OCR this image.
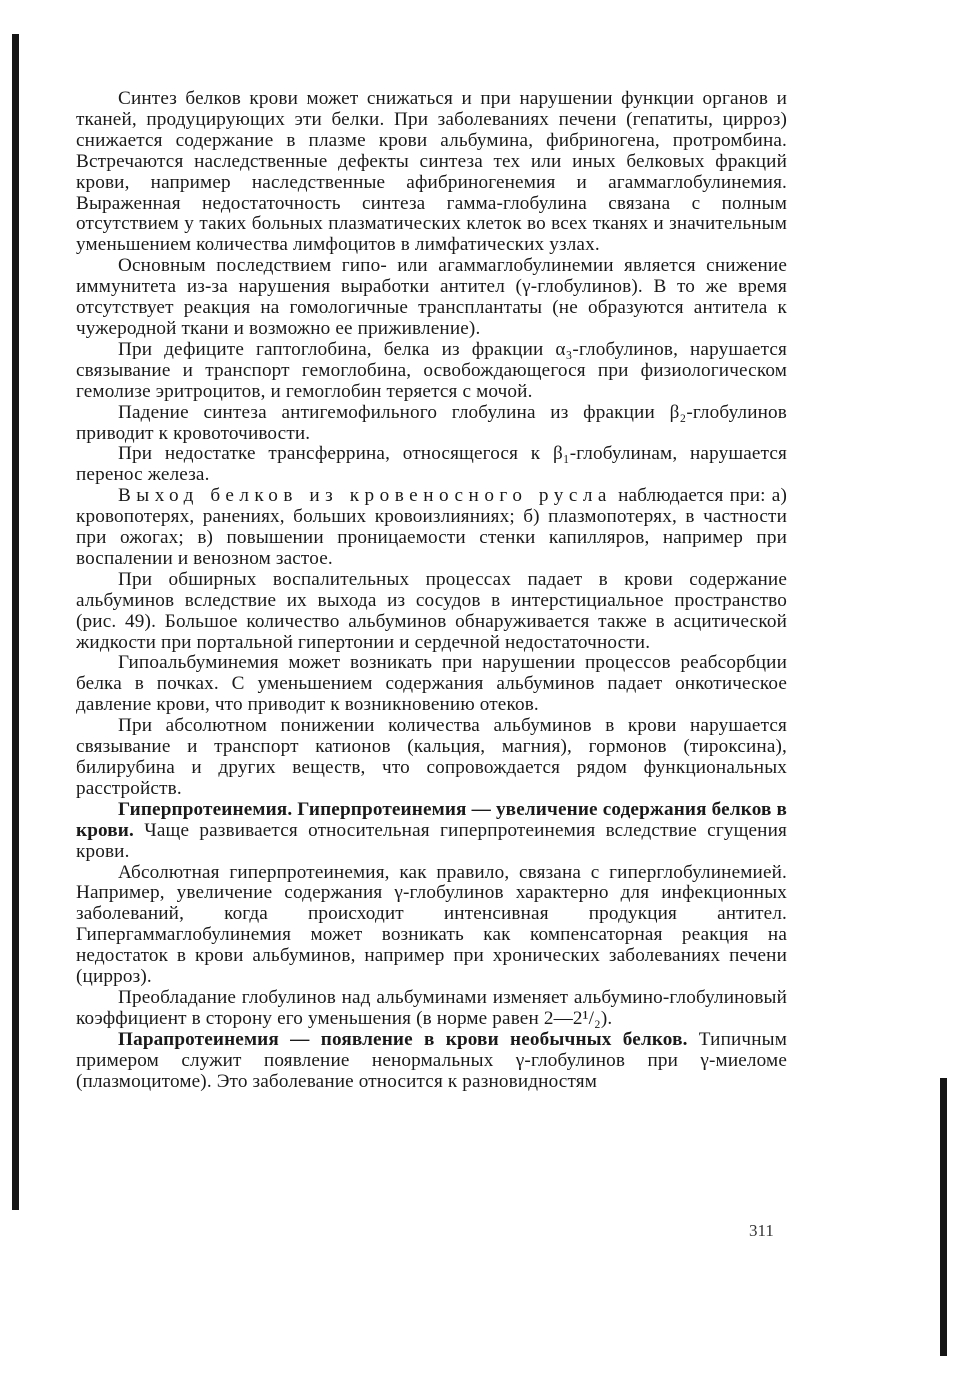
Синтез белков крови может снижаться и при нарушении функции органов и тканей, продуцирующих эти белки. При заболеваниях печени (гепатиты, цирроз) снижается содержание в плазме крови альбумина, фибриногена, протромбина. Встречаются наследственные дефекты синтеза тех или иных белковых фракций крови, например наследственные афибриногенемия и агаммаглобулинемия. Выраженная недостаточность синтеза гамма-глобулина связана с полным отсутствием у таких больных плазматических клеток во всех тканях и значительным уменьшением количества лимфоцитов в лимфатических узлах.

Основным последствием гипо- или агаммаглобулинемии является снижение иммунитета из-за нарушения выработки антител (γ-глобулинов). В то же время отсутствует реакция на гомологичные трансплантаты (не образуются антитела к чужеродной ткани и возможно ее приживление).

При дефиците гаптоглобина, белка из фракции α₃-глобулинов, нарушается связывание и транспорт гемоглобина, освобождающегося при физиологическом гемолизе эритроцитов, и гемоглобин теряется с мочой.

Падение синтеза антигемофильного глобулина из фракции β₂-глобулинов приводит к кровоточивости.

При недостатке трансферрина, относящегося к β₁-глобулинам, нарушается перенос железа.

Выход белков из кровеносного русла наблюдается при: а) кровопотерях, ранениях, больших кровоизлияниях; б) плазмопотерях, в частности при ожогах; в) повышении проницаемости стенки капилляров, например при воспалении и венозном застое.

При обширных воспалительных процессах падает в крови содержание альбуминов вследствие их выхода из сосудов в интерстициальное пространство (рис. 49). Большое количество альбуминов обнаруживается также в асцитической жидкости при портальной гипертонии и сердечной недостаточности.

Гипоальбуминемия может возникать при нарушении процессов реабсорбции белка в почках. С уменьшением содержания альбуминов падает онкотическое давление крови, что приводит к возникновению отеков.

При абсолютном понижении количества альбуминов в крови нарушается связывание и транспорт катионов (кальция, магния), гормонов (тироксина), билирубина и других веществ, что сопровождается рядом функциональных расстройств.

Гиперпротеинемия. Гиперпротеинемия — увеличение содержания белков в крови. Чаще развивается относительная гиперпротеинемия вследствие сгущения крови.

Абсолютная гиперпротеинемия, как правило, связана с гиперглобулинемией. Например, увеличение содержания γ-глобулинов характерно для инфекционных заболеваний, когда происходит интенсивная продукция антител. Гипергаммаглобулинемия может возникать как компенсаторная реакция на недостаток в крови альбуминов, например при хронических заболеваниях печени (цирроз).

Преобладание глобулинов над альбуминами изменяет альбумино-глобулиновый коэффициент в сторону его уменьшения (в норме равен 2—2¹/₂).

Парапротеинемия — появление в крови необычных белков. Типичным примером служит появление ненормальных γ-глобулинов при γ-миеломе (плазмоцитоме). Это заболевание относится к разновидностям

311
